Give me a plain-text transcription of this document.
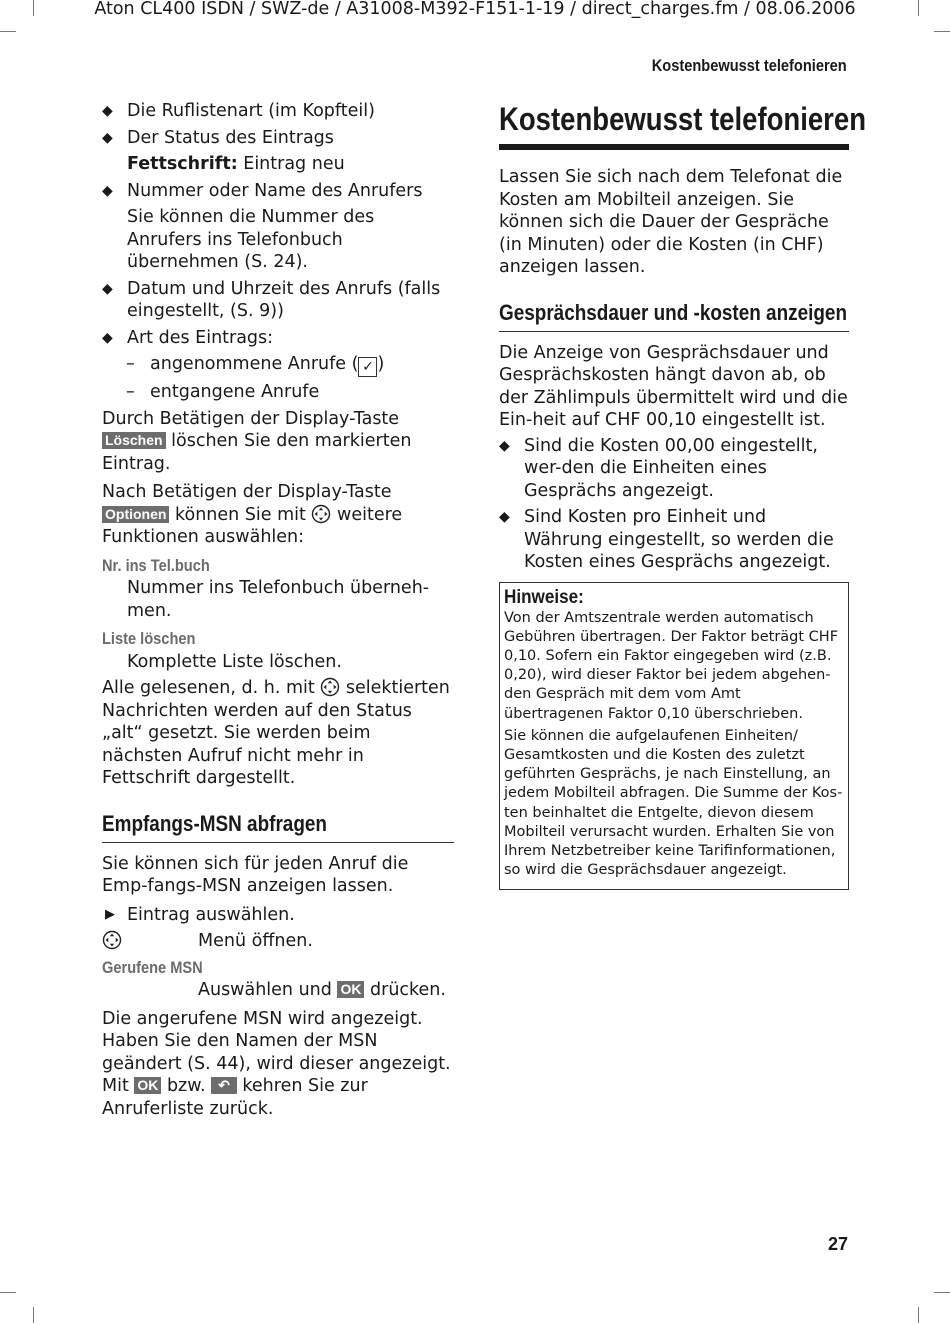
Aton CL400 ISDN / SWZ-de / A31008-M392-F151-1-19 / direct_charges.fm / 08.06.2006
Kostenbewusst telefonieren
◆ Die Ruflistenart (im Kopfteil)
◆ Der Status des Eintrags
Fettschrift: Eintrag neu
◆ Nummer oder Name des Anrufers
Sie können die Nummer des Anrufers ins Telefonbuch übernehmen (S. 24).
◆ Datum und Uhrzeit des Anrufs (falls eingestellt, (S. 9))
◆ Art des Eintrags:
– angenommene Anrufe ( ✓ )
– entgangene Anrufe

Durch Betätigen der Display-Taste Löschen löschen Sie den markierten Eintrag.

Nach Betätigen der Display-Taste Optionen können Sie mit  weitere Funktionen auswählen:

Nr. ins Tel.buch
Nummer ins Telefonbuch überneh-men.
Liste löschen
Komplette Liste löschen.

Alle gelesenen, d. h. mit  selektierten Nachrichten werden auf den Status „alt“ gesetzt. Sie werden beim nächsten Aufruf nicht mehr in Fettschrift dargestellt.

Empfangs-MSN abfragen

Sie können sich für jeden Anruf die Emp-fangs-MSN anzeigen lassen.

▶ Eintrag auswählen.
Menü öffnen.
Gerufene MSN
Auswählen und OK drücken.

Die angerufene MSN wird angezeigt. Haben Sie den Namen der MSN geändert (S. 44), wird dieser angezeigt. Mit OK bzw. ↶ kehren Sie zur Anruferliste zurück.

Kostenbewusst telefonieren

Lassen Sie sich nach dem Telefonat die Kosten am Mobilteil anzeigen. Sie können sich die Dauer der Gespräche (in Minuten) oder die Kosten (in CHF) anzeigen lassen.

Gesprächsdauer und -kosten anzeigen

Die Anzeige von Gesprächsdauer und Gesprächskosten hängt davon ab, ob der Zählimpuls übermittelt wird und die Ein-heit auf CHF 00,10 eingestellt ist.

◆ Sind die Kosten 00,00 eingestellt, wer-den die Einheiten eines Gesprächs angezeigt.
◆ Sind Kosten pro Einheit und Währung eingestellt, so werden die Kosten eines Gesprächs angezeigt.
Hinweise:

Von der Amtszentrale werden automatisch Gebühren übertragen. Der Faktor beträgt CHF 0,10. Sofern ein Faktor eingegeben wird (z.B. 0,20), wird dieser Faktor bei jedem abgehen-den Gespräch mit dem vom Amt übertragenen Faktor 0,10 überschrieben.

Sie können die aufgelaufenen Einheiten/ Gesamtkosten und die Kosten des zuletzt geführten Gesprächs, je nach Einstellung, an jedem Mobilteil abfragen. Die Summe der Kos-ten beinhaltet die Entgelte, dievon diesem Mobilteil verursacht wurden. Erhalten Sie von Ihrem Netzbetreiber keine Tarifinformationen, so wird die Gesprächsdauer angezeigt.

27
